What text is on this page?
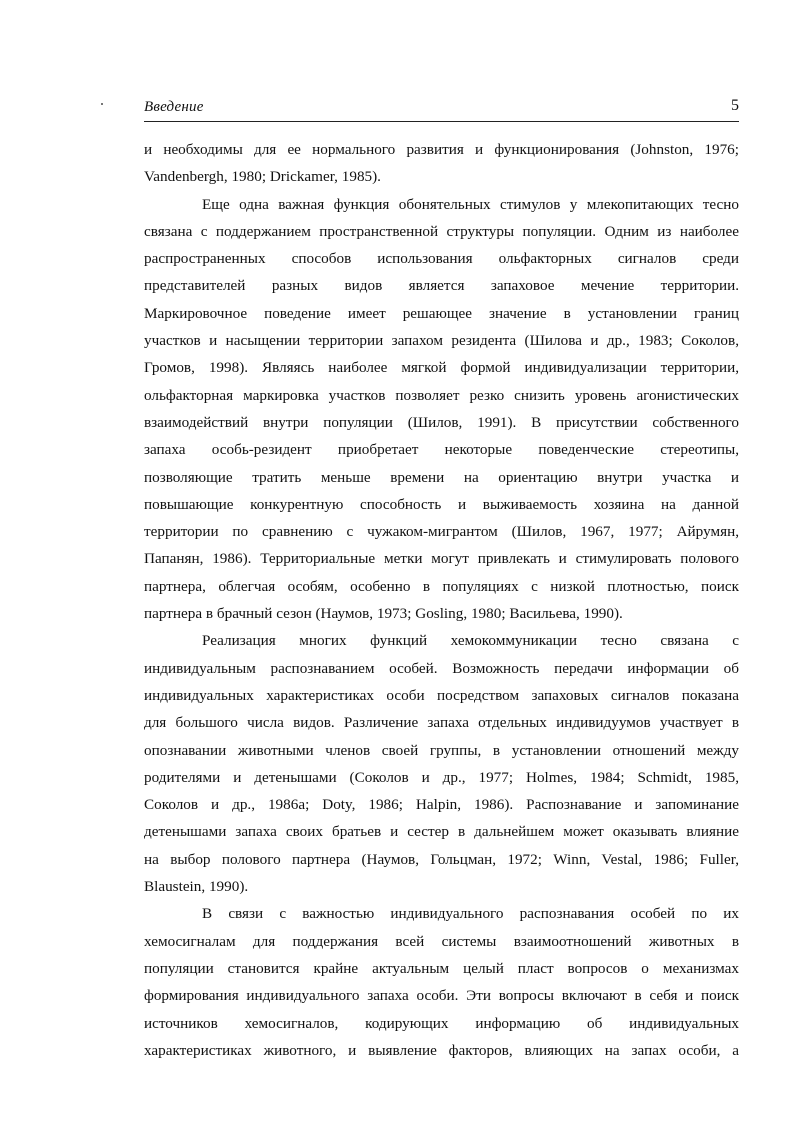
Введение	5
и необходимы для ее нормального развития и функционирования (Johnston, 1976;
Vandenbergh, 1980; Drickamer, 1985).
Еще одна важная функция обонятельных стимулов у млекопитающих тесно
связана с поддержанием пространственной структуры популяции. Одним из наиболее
распространенных способов использования ольфакторных сигналов среди
представителей разных видов является запаховое мечение территории.
Маркировочное поведение имеет решающее значение в установлении границ
участков и насыщении территории запахом резидента (Шилова и др., 1983; Соколов,
Громов, 1998). Являясь наиболее мягкой формой индивидуализации территории,
ольфакторная маркировка участков позволяет резко снизить уровень агонистических
взаимодействий внутри популяции (Шилов, 1991). В присутствии собственного
запаха особь-резидент приобретает некоторые поведенческие стереотипы,
позволяющие тратить меньше времени на ориентацию внутри участка и
повышающие конкурентную способность и выживаемость хозяина на данной
территории по сравнению с чужаком-мигрантом (Шилов, 1967, 1977; Айрумян,
Папанян, 1986). Территориальные метки могут привлекать и стимулировать полового
партнера, облегчая особям, особенно в популяциях с низкой плотностью, поиск
партнера в брачный сезон (Наумов, 1973; Gosling, 1980; Васильева, 1990).
Реализация многих функций хемокоммуникации тесно связана с
индивидуальным распознаванием особей. Возможность передачи информации об
индивидуальных характеристиках особи посредством запаховых сигналов показана
для большого числа видов. Различение запаха отдельных индивидуумов участвует в
опознавании животными членов своей группы, в установлении отношений между
родителями и детенышами (Соколов и др., 1977; Holmes, 1984; Schmidt, 1985,
Соколов и др., 1986а; Doty, 1986; Halpin, 1986). Распознавание и запоминание
детенышами запаха своих братьев и сестер в дальнейшем может оказывать влияние
на выбор полового партнера (Наумов, Гольцман, 1972; Winn, Vestal, 1986; Fuller,
Blaustein, 1990).
В связи с важностью индивидуального распознавания особей по их
хемосигналам для поддержания всей системы взаимоотношений животных в
популяции становится крайне актуальным целый пласт вопросов о механизмах
формирования индивидуального запаха особи. Эти вопросы включают в себя и поиск
источников хемосигналов, кодирующих информацию об индивидуальных
характеристиках животного, и выявление факторов, влияющих на запах особи, а
